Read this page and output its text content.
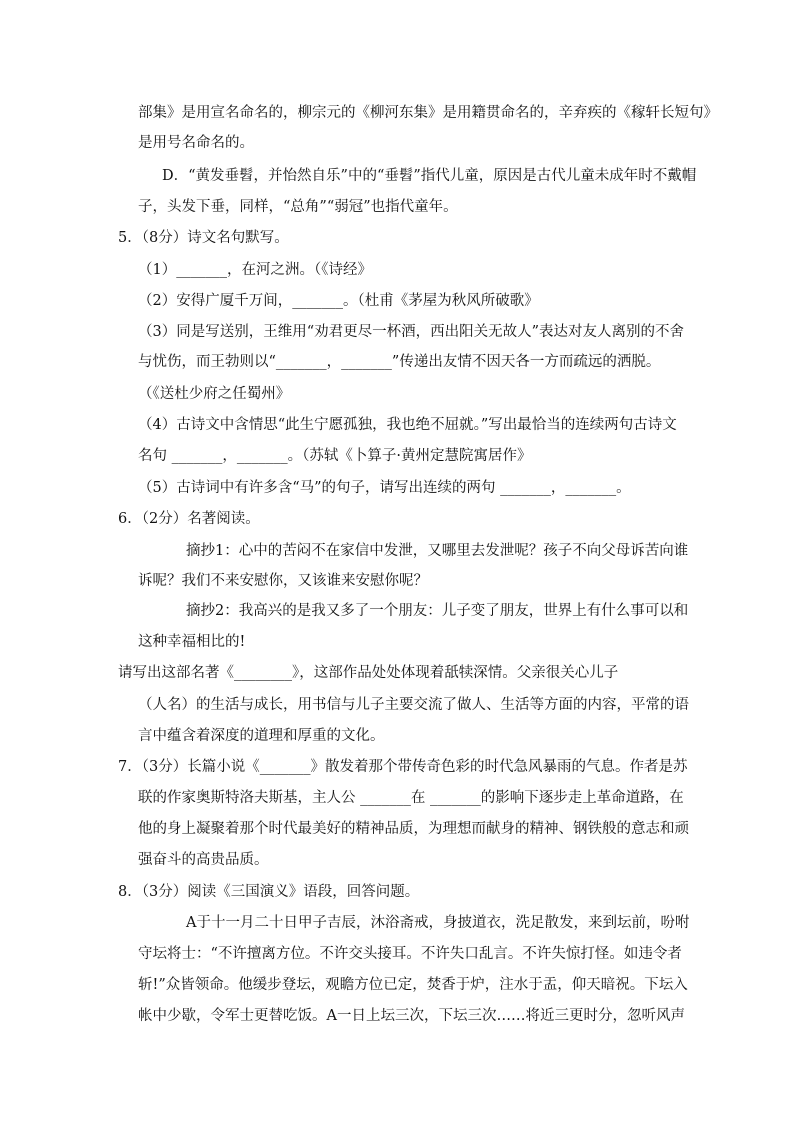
部集》是用宣名命名的，柳宗元的《柳河东集》是用籍贯命名的，辛弃疾的《稼轩长短句》
是用号名命名的。
D．“黄发垂髫，并怡然自乐”中的“垂髫”指代儿童，原因是古代儿童未成年时不戴帽
子，头发下垂，同样，“总角”“弱冠”也指代童年。
5．（8分）诗文名句默写。
（1）_______，在河之洲。（《诗经》
（2）安得广厦千万间，_______。（杜甫《茅屋为秋风所破歌》
（3）同是写送别，王维用“劝君更尽一杯酒，西出阳关无故人”表达对友人离别的不舍
与忧伤，而王勃则以“_______，_______”传递出友情不因天各一方而疏远的洒脱。
（《送杜少府之任蜀州》
（4）古诗文中含情思“此生宁愿孤独，我也绝不屈就。”写出最恰当的连续两句古诗文
名句 _______，_______。（苏轼《卜算子·黄州定慧院寓居作》
（5）古诗词中有许多含“马”的句子，请写出连续的两句 _______，_______。
6．（2分）名著阅读。
摘抄1：心中的苦闷不在家信中发泄，又哪里去发泄呢？孩子不向父母诉苦向谁
诉呢？我们不来安慰你，又该谁来安慰你呢？
摘抄2：我高兴的是我又多了一个朋友：儿子变了朋友，世界上有什么事可以和
这种幸福相比的!
请写出这部名著《________》，这部作品处处体现着舐犊深情。父亲很关心儿子
（人名）的生活与成长，用书信与儿子主要交流了做人、生活等方面的内容，平常的语
言中蕴含着深度的道理和厚重的文化。
7．（3分）长篇小说《_______》散发着那个带传奇色彩的时代急风暴雨的气息。作者是苏
联的作家奥斯特洛夫斯基，主人公 _______在 _______的影响下逐步走上革命道路，在
他的身上凝聚着那个时代最美好的精神品质，为理想而献身的精神、钢铁般的意志和顽
强奋斗的高贵品质。
8．（3分）阅读《三国演义》语段，回答问题。
A于十一月二十日甲子吉辰，沐浴斋戒，身披道衣，洗足散发，来到坛前，吩咐
守坛将士：“不许擅离方位。不许交头接耳。不许失口乱言。不许失惊打怪。如违令者
斩!”众皆领命。他缓步登坛，观瞻方位已定，焚香于炉，注水于盂，仰天暗祝。下坛入
帐中少歇，令军士更替吃饭。A一日上坛三次，下坛三次……将近三更时分，忽听风声
